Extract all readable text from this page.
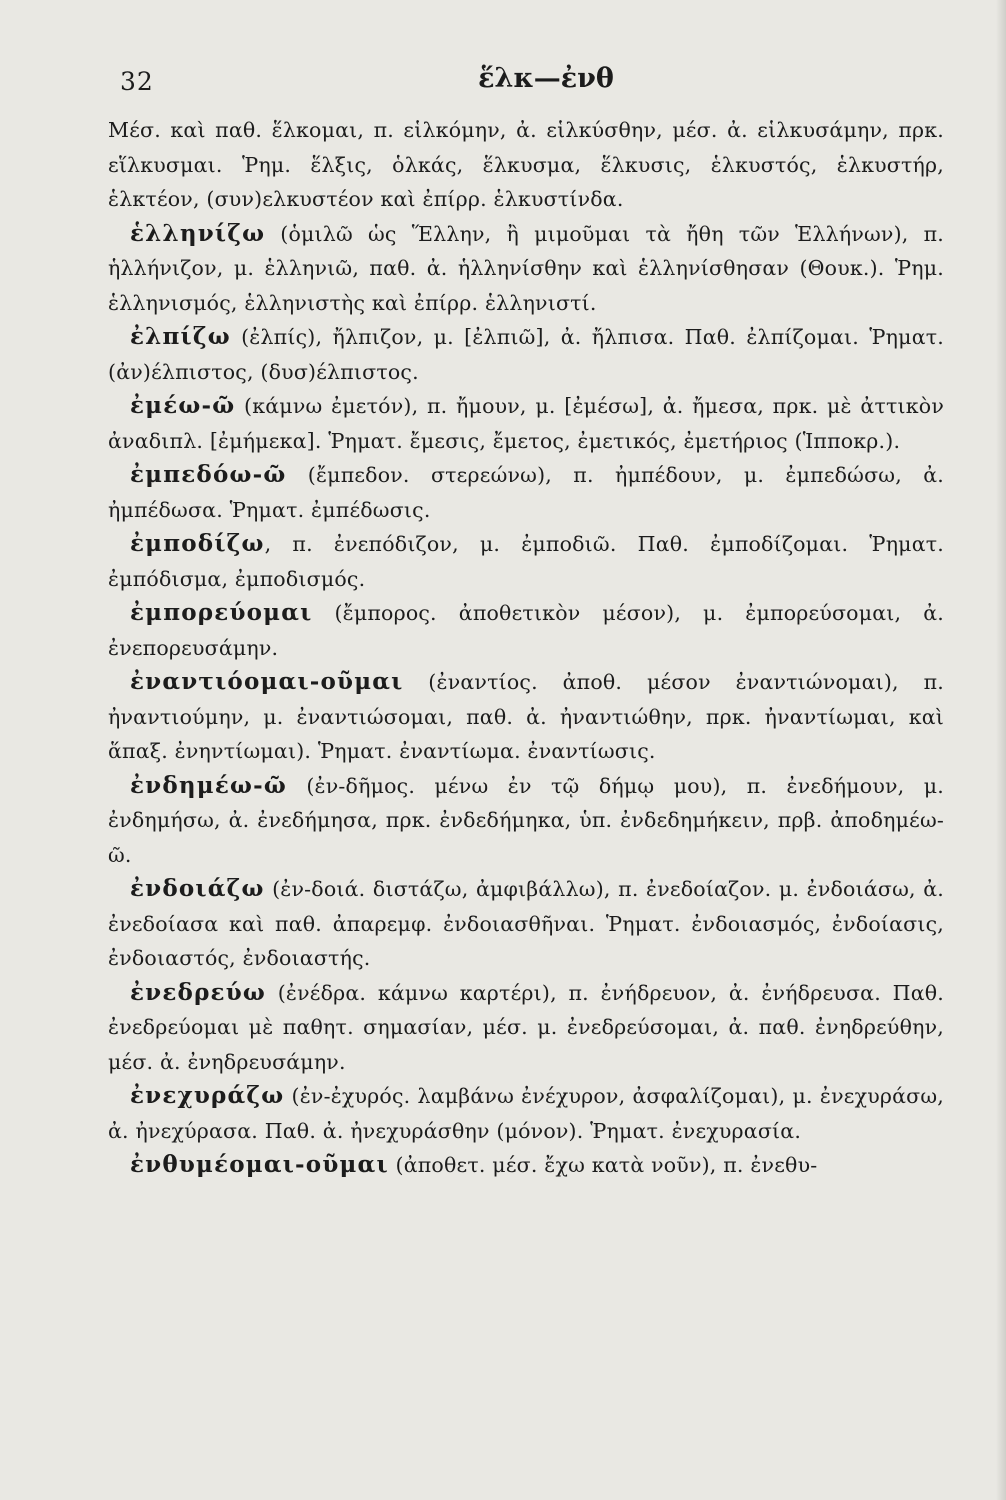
32	ἕλκ—ἐνθ

Μέσ. καὶ παθ. ἕλκομαι, π. εἱλκόμην, ἀ. εἱλκύσθην, μέσ. ἀ. εἱλκυσάμην, πρκ. εἵλκυσμαι. Ῥημ. ἕλξις, ὁλκάς, ἕλκυσμα, ἕλκυσις, ἑλκυστός, ἑλκυστήρ, ἑλκτέον, (συν)ελκυστέον καὶ ἐπίρρ. ἑλκυστίνδα.

ἑλληνίζω (ὁμιλῶ ὡς Ἕλλην, ἢ μιμοῦμαι τὰ ἤθη τῶν Ἑλλήνων), π. ἡλλήνιζον, μ. ἑλληνιῶ, παθ. ἀ. ἡλληνίσθην καὶ ἑλληνίσθησαν (Θουκ.). Ῥημ. ἑλληνισμός, ἑλληνιστὴς καὶ ἐπίρρ. ἑλληνιστί.

ἐλπίζω (ἐλπίς), ἤλπιζον, μ. [ἐλπιῶ], ἀ. ἤλπισα. Παθ. ἐλπίζομαι. Ῥηματ. (ἀν)έλπιστος, (δυσ)έλπιστος.

ἐμέω-ῶ (κάμνω ἐμετόν), π. ἤμουν, μ. [ἐμέσω], ἀ. ἤμεσα, πρκ. μὲ ἀττικὸν ἀναδιπλ. [ἐμήμεκα]. Ῥηματ. ἔμεσις, ἔμετος, ἐμετικός, ἐμετήριος (Ἱπποκρ.).

ἐμπεδόω-ῶ (ἔμπεδον. στερεώνω), π. ἠμπέδουν, μ. ἐμπεδώσω, ἀ. ἠμπέδωσα. Ῥηματ. ἐμπέδωσις.

ἐμποδίζω, π. ἐνεπόδιζον, μ. ἐμποδιῶ. Παθ. ἐμποδίζομαι. Ῥηματ. ἐμπόδισμα, ἐμποδισμός.

ἐμπορεύομαι (ἔμπορος. ἀποθετικὸν μέσον), μ. ἐμπορεύσομαι, ἀ. ἐνεπορευσάμην.

ἐναντιόομαι-οῦμαι (ἐναντίος. ἀποθ. μέσον ἐναντιώνομαι), π. ἠναντιούμην, μ. ἐναντιώσομαι, παθ. ἀ. ἠναντιώθην, πρκ. ἠναντίωμαι, καὶ ἅπαξ. ἐνηντίωμαι). Ῥηματ. ἐναντίωμα. ἐναντίωσις.

ἐνδημέω-ῶ (ἐν-δῆμος. μένω ἐν τῷ δήμῳ μου), π. ἐνεδήμουν, μ. ἐνδημήσω, ἀ. ἐνεδήμησα, πρκ. ἐνδεδήμηκα, ὑπ. ἐνδεδημήκειν, πρβ. ἀποδημέω-ῶ.

ἐνδοιάζω (ἐν-δοιά. διστάζω, ἀμφιβάλλω), π. ἐνεδοίαζον. μ. ἐνδοιάσω, ἀ. ἐνεδοίασα καὶ παθ. ἀπαρεμφ. ἐνδοιασθῆναι. Ῥηματ. ἐνδοιασμός, ἐνδοίασις, ἐνδοιαστός, ἐνδοιαστής.

ἐνεδρεύω (ἐνέδρα. κάμνω καρτέρι), π. ἐνήδρευον, ἀ. ἐνήδρευσα. Παθ. ἐνεδρεύομαι μὲ παθητ. σημασίαν, μέσ. μ. ἐνεδρεύσομαι, ἀ. παθ. ἐνηδρεύθην, μέσ. ἀ. ἐνηδρευσάμην.

ἐνεχυράζω (ἐν-ἐχυρός. λαμβάνω ἐνέχυρον, ἀσφαλίζομαι), μ. ἐνεχυράσω, ἀ. ἠνεχύρασα. Παθ. ἀ. ἠνεχυράσθην (μόνον). Ῥηματ. ἐνεχυρασία.

ἐνθυμέομαι-οῦμαι (ἀποθετ. μέσ. ἔχω κατὰ νοῦν), π. ἐνεθυ-
